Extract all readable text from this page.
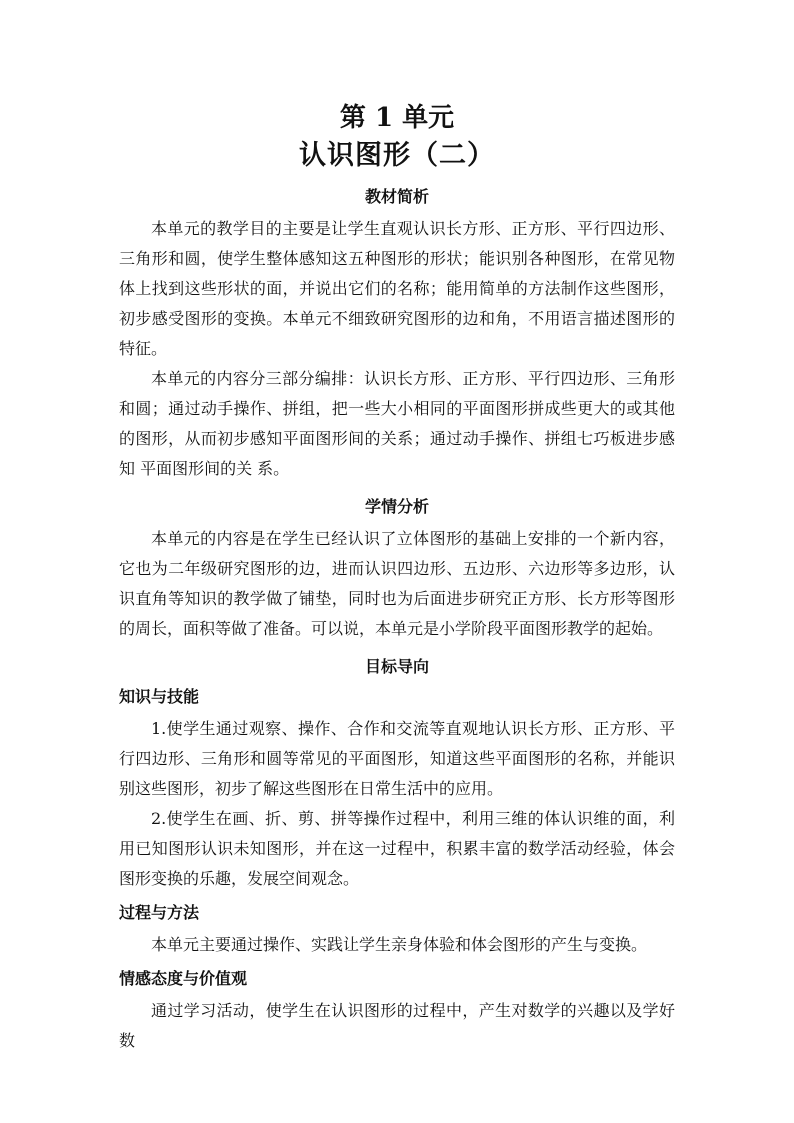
第 1 单元
认识图形（二）
教材简析

本单元的教学目的主要是让学生直观认识长方形、正方形、平行四边形、三角形和圆，使学生整体感知这五种图形的形状；能识别各种图形，在常见物体上找到这些形状的面，并说出它们的名称；能用简单的方法制作这些图形，初步感受图形的变换。本单元不细致研究图形的边和角，不用语言描述图形的特征。

本单元的内容分三部分编排：认识长方形、正方形、平行四边形、三角形和圆；通过动手操作、拼组，把一些大小相同的平面图形拼成些更大的或其他的图形，从而初步感知平面图形间的关系；通过动手操作、拼组七巧板进步感知 平面图形间的关 系。

学情分析

本单元的内容是在学生已经认识了立体图形的基础上安排的一个新内容，它也为二年级研究图形的边，进而认识四边形、五边形、六边形等多边形，认识直角等知识的教学做了铺垫，同时也为后面进步研究正方形、长方形等图形的周长，面积等做了准备。可以说，本单元是小学阶段平面图形教学的起始。

目标导向
知识与技能

1.使学生通过观察、操作、合作和交流等直观地认识长方形、正方形、平行四边形、三角形和圆等常见的平面图形，知道这些平面图形的名称，并能识别这些图形，初步了解这些图形在日常生活中的应用。

2.使学生在画、折、剪、拼等操作过程中，利用三维的体认识维的面，利用已知图形认识未知图形，并在这一过程中，积累丰富的数学活动经验，体会图形变换的乐趣，发展空间观念。

过程与方法

本单元主要通过操作、实践让学生亲身体验和体会图形的产生与变换。

情感态度与价值观

通过学习活动，使学生在认识图形的过程中，产生对数学的兴趣以及学好数
